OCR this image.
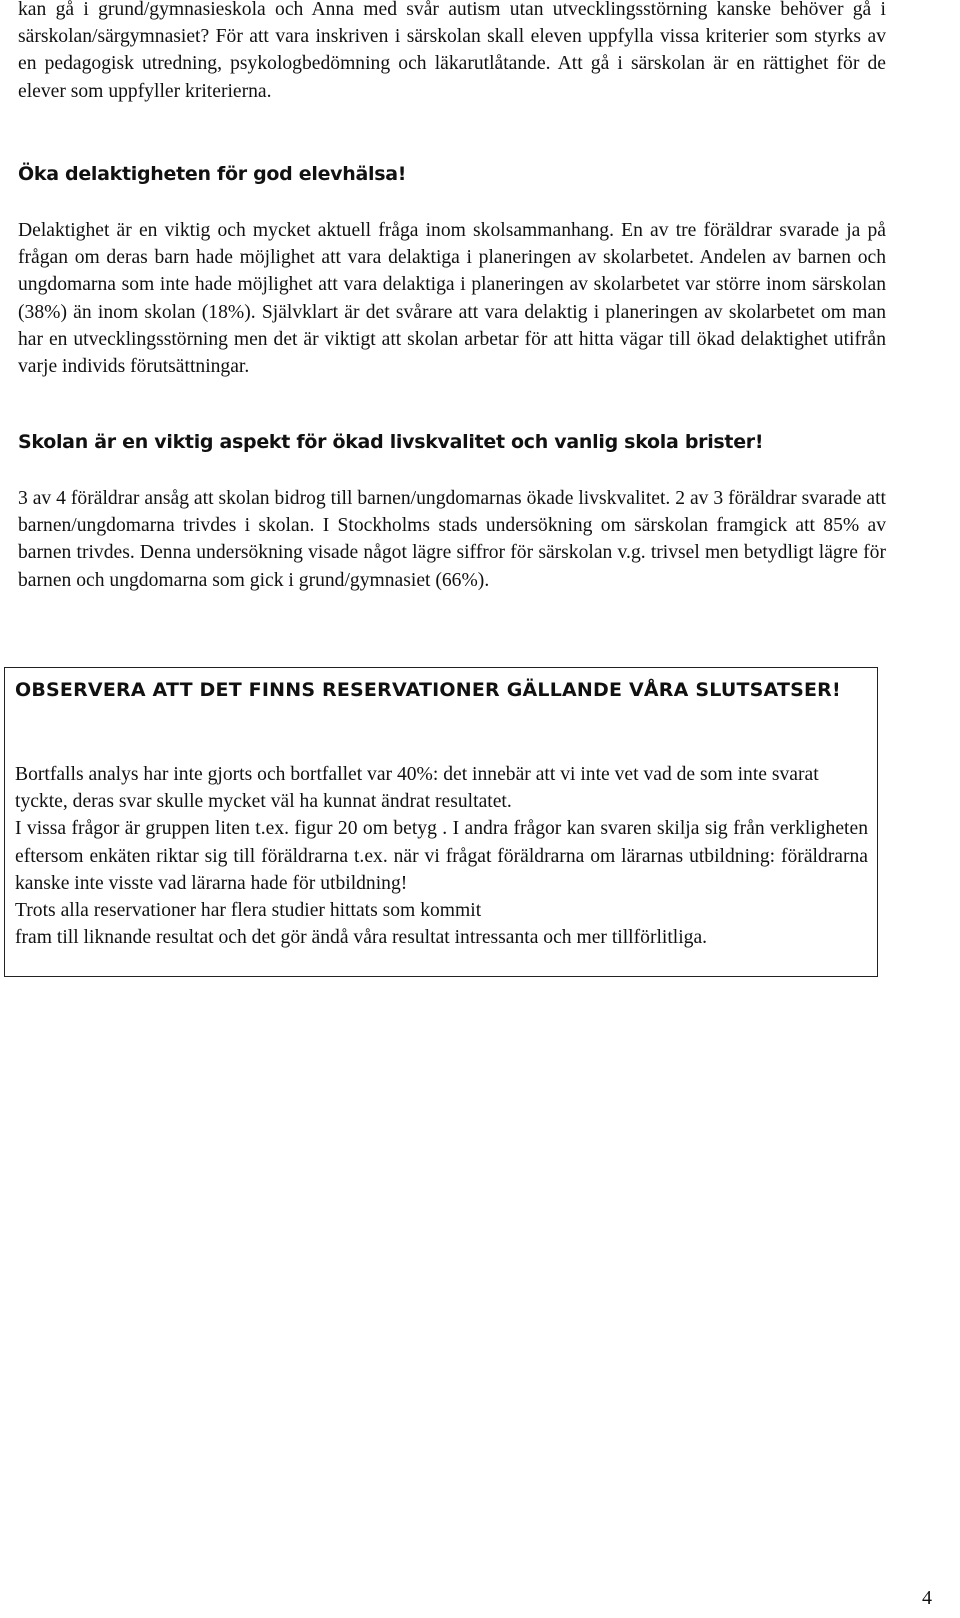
kan gå i grund/gymnasieskola och Anna med svår autism utan utvecklingsstörning kanske behöver gå i särskolan/särgymnasiet? För att vara inskriven i särskolan skall eleven uppfylla vissa kriterier som styrks av en pedagogisk utredning, psykologbedömning och läkarutlåtande. Att gå i särskolan är en rättighet för de elever som uppfyller kriterierna.

Öka delaktigheten för god elevhälsa!

Delaktighet är en viktig och mycket aktuell fråga inom skolsammanhang. En av tre föräldrar svarade ja på frågan om deras barn hade möjlighet att vara delaktiga i planeringen av skolarbetet. Andelen av barnen och ungdomarna som inte hade möjlighet att vara delaktiga i planeringen av skolarbetet var större inom särskolan (38%) än inom skolan (18%). Självklart är det svårare att vara delaktig i planeringen av skolarbetet om man har en utvecklingsstörning men det är viktigt att skolan arbetar för att hitta vägar till ökad delaktighet utifrån varje individs förutsättningar.

Skolan är en viktig aspekt för ökad livskvalitet och vanlig skola brister!

3 av 4 föräldrar ansåg att skolan bidrog till barnen/ungdomarnas ökade livskvalitet. 2 av 3 föräldrar svarade att barnen/ungdomarna trivdes i skolan. I Stockholms stads undersökning om särskolan framgick att 85% av barnen trivdes. Denna undersökning visade något lägre siffror för särskolan v.g. trivsel men betydligt lägre för barnen och ungdomarna som gick i grund/gymnasiet (66%).

OBSERVERA ATT DET FINNS RESERVATIONER GÄLLANDE VÅRA SLUTSATSER!

Bortfalls analys har inte gjorts och bortfallet var 40%: det innebär att vi inte vet vad de som inte svarat tyckte, deras svar skulle mycket väl ha kunnat ändrat resultatet.

I vissa frågor är gruppen liten t.ex. figur 20 om betyg . I andra frågor kan svaren skilja sig från verkligheten eftersom enkäten riktar sig till föräldrarna t.ex. när vi frågat föräldrarna om lärarnas utbildning: föräldrarna kanske inte visste vad lärarna hade för utbildning!

Trots alla reservationer har flera studier hittats som kommit

fram till liknande resultat och det gör ändå våra resultat intressanta och mer tillförlitliga.

4
